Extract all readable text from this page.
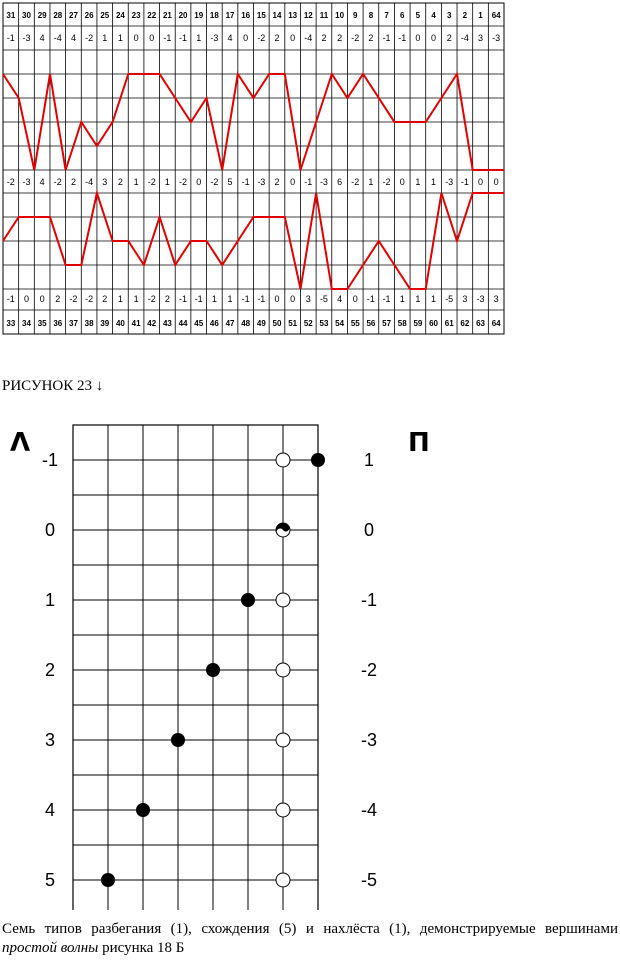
31 30 29 28 27 26 25 24 23 22 21 20 19 18 17 16 15 14 13 12 11 10 9 8 7 6 5 4 3 2 1 64
-1 -3 4 -4 4 -2 1 1 0 0 -1 -1 1 -3 4 0 -2 2 0 -4 2 2 -2 2 -1 -1 0 0 2 -4 3 -3
-2 -3 4 -2 2 -4 3 2 1 -2 1 -2 0 -2 5 -1 -3 2 0 -1 -3 6 -2 1 -2 0 1 1 -3 -1 0 0
-1 0 0 2 -2 -2 2 1 1 -2 2 -1 -1 1 1 -1 -1 0 0 3 -5 4 0 -1 -1 1 1 1 -5 3 -3 3
33 34 35 36 37 38 39 40 41 42 43 44 45 46 47 48 49 50 51 52 53 54 55 56 57 58 59 60 61 62 63 64
РИСУНОК 23 ↓
Λ	П
-1
0
1
2
3
4
5
1
0
-1
-2
-3
-4
-5
Семь типов разбегания (1), схождения (5) и нахлёста (1), демонстрируемые вершинами простой волны рисунка 18 Б
